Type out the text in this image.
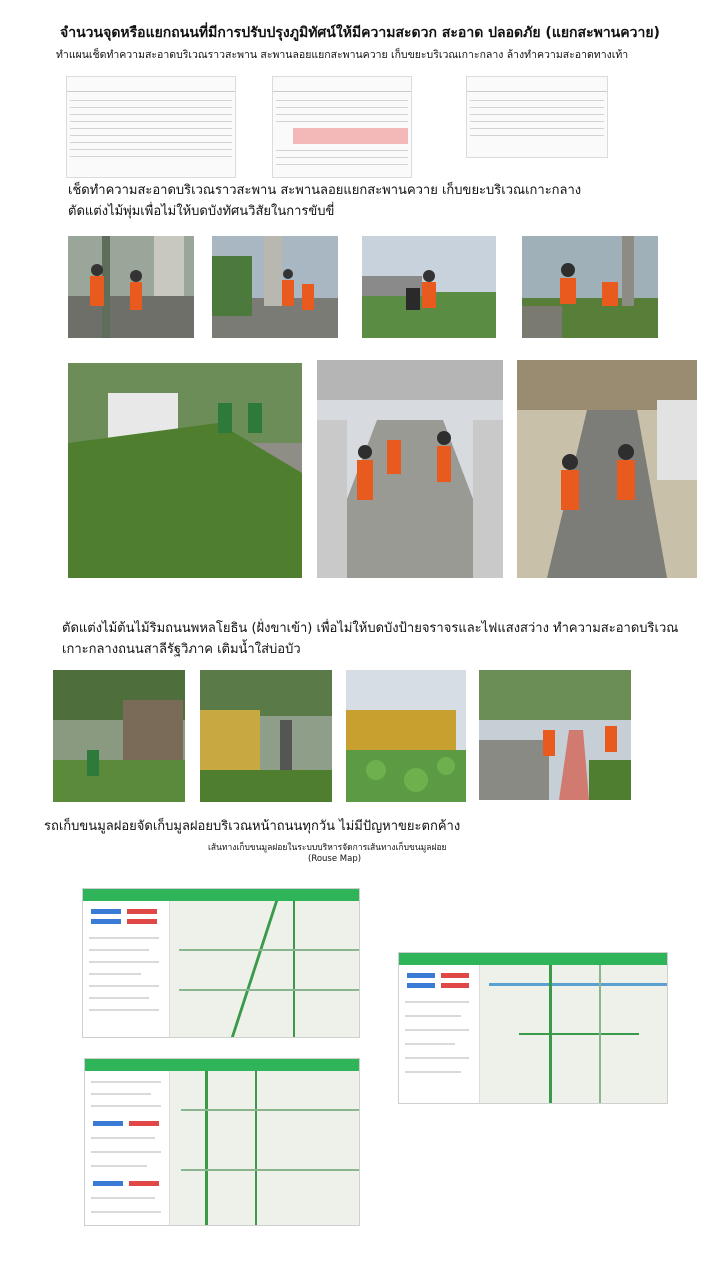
จำนวนจุดหรือแยกถนนที่มีการปรับปรุงภูมิทัศน์ให้มีความสะดวก สะอาด ปลอดภัย (แยกสะพานควาย)
ทำแผนเช็ดทำความสะอาดบริเวณราวสะพาน สะพานลอยแยกสะพานควาย เก็บขยะบริเวณเกาะกลาง ล้างทำความสะอาดทางเท้า
เช็ดทำความสะอาดบริเวณราวสะพาน สะพานลอยแยกสะพานควาย เก็บขยะบริเวณเกาะกลาง
ตัดแต่งไม้พุ่มเพื่อไม่ให้บดบังทัศนวิสัยในการขับขี่
ตัดแต่งไม้ต้นไม้ริมถนนพหลโยธิน (ฝั่งขาเข้า) เพื่อไม่ให้บดบังป้ายจราจรและไฟแสงสว่าง ทำความสะอาดบริเวณ
เกาะกลางถนนสาลีรัฐวิภาค เติมน้ำใส่บ่อบัว
รถเก็บขนมูลฝอยจัดเก็บมูลฝอยบริเวณหน้าถนนทุกวัน ไม่มีปัญหาขยะตกค้าง
เส้นทางเก็บขนมูลฝอยในระบบบริหารจัดการเส้นทางเก็บขนมูลฝอย
(Rouse Map)
